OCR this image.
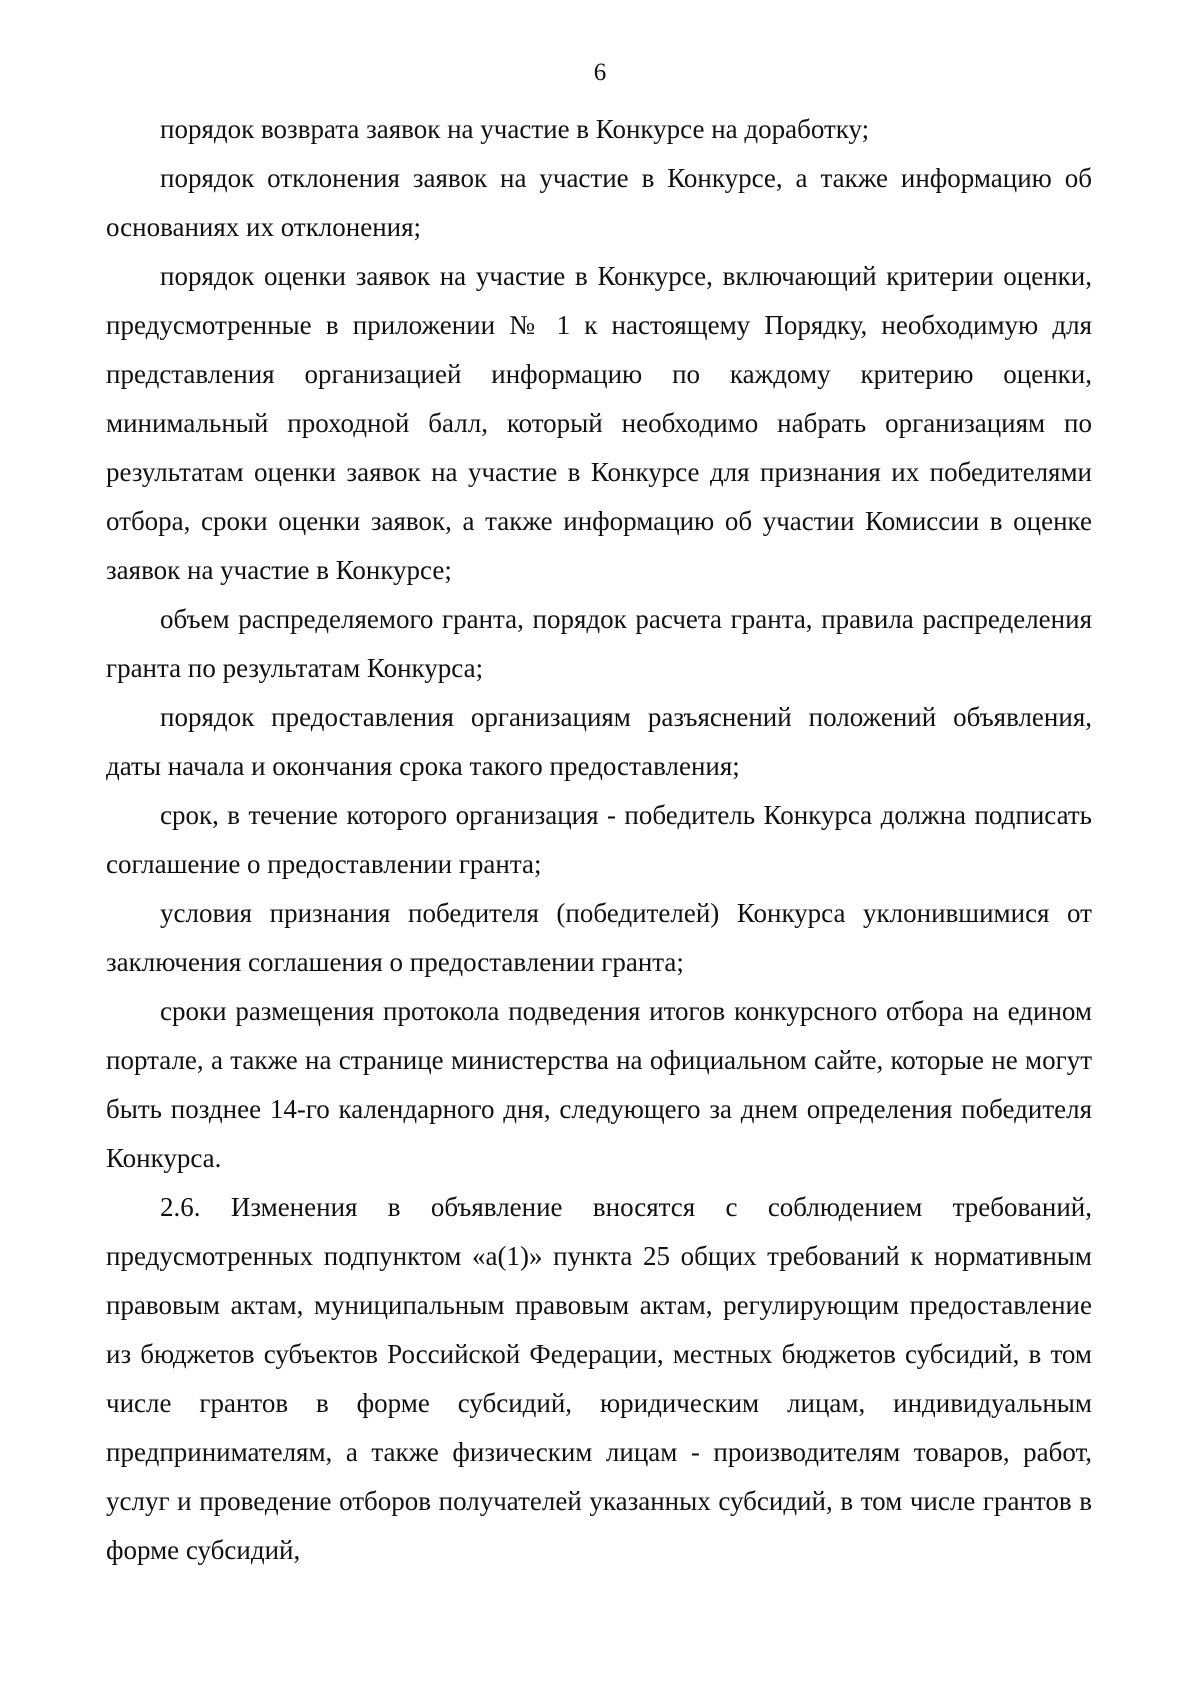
6

порядок возврата заявок на участие в Конкурсе на доработку;

порядок отклонения заявок на участие в Конкурсе, а также информацию об основаниях их отклонения;

порядок оценки заявок на участие в Конкурсе, включающий критерии оценки, предусмотренные в приложении № 1 к настоящему Порядку, необходимую для представления организацией информацию по каждому критерию оценки, минимальный проходной балл, который необходимо набрать организациям по результатам оценки заявок на участие в Конкурсе для признания их победителями отбора, сроки оценки заявок, а также информацию об участии Комиссии в оценке заявок на участие в Конкурсе;

объем распределяемого гранта, порядок расчета гранта, правила распределения гранта по результатам Конкурса;

порядок предоставления организациям разъяснений положений объявления, даты начала и окончания срока такого предоставления;

срок, в течение которого организация - победитель Конкурса должна подписать соглашение о предоставлении гранта;

условия признания победителя (победителей) Конкурса уклонившимися от заключения соглашения о предоставлении гранта;

сроки размещения протокола подведения итогов конкурсного отбора на едином портале, а также на странице министерства на официальном сайте, которые не могут быть позднее 14-го календарного дня, следующего за днем определения победителя Конкурса.

2.6. Изменения в объявление вносятся с соблюдением требований, предусмотренных подпунктом «а(1)» пункта 25 общих требований к нормативным правовым актам, муниципальным правовым актам, регулирующим предоставление из бюджетов субъектов Российской Федерации, местных бюджетов субсидий, в том числе грантов в форме субсидий, юридическим лицам, индивидуальным предпринимателям, а также физическим лицам - производителям товаров, работ, услуг и проведение отборов получателей указанных субсидий, в том числе грантов в форме субсидий,
